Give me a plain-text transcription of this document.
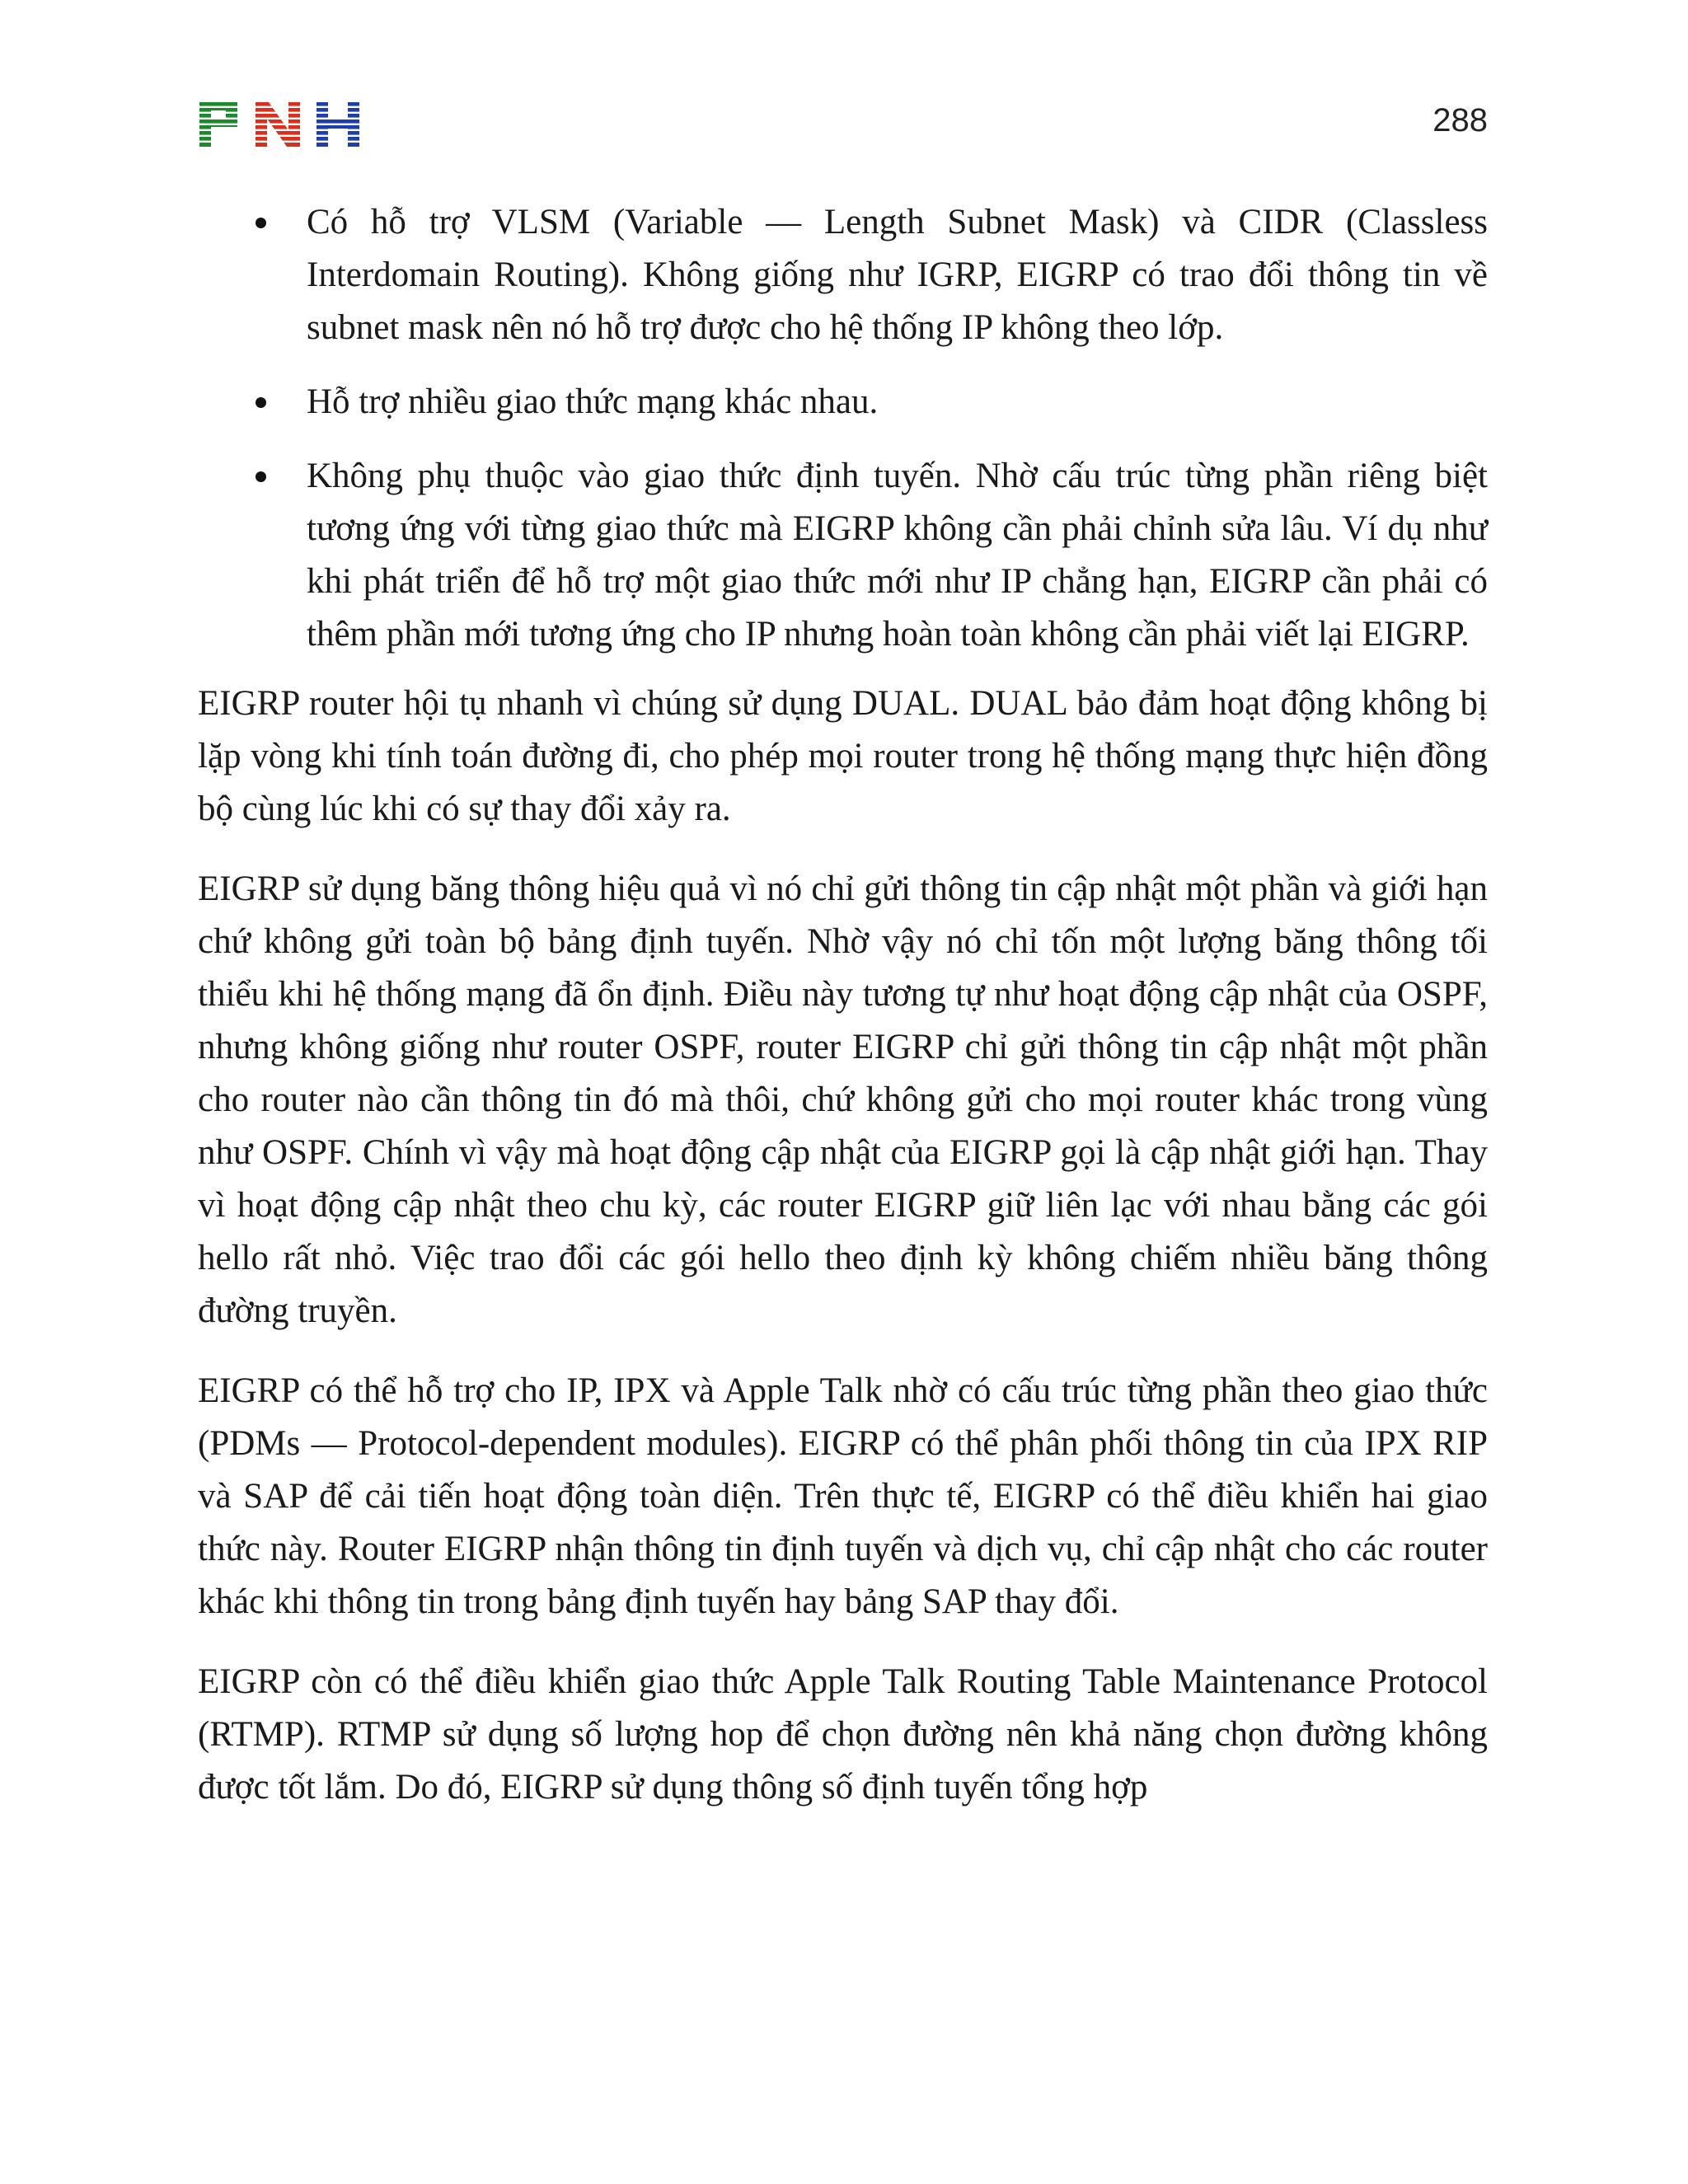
288

Có hỗ trợ VLSM (Variable — Length Subnet Mask) và CIDR (Classless Interdomain Routing). Không giống như IGRP, EIGRP có trao đổi thông tin về subnet mask nên nó hỗ trợ được cho hệ thống IP không theo lớp.

Hỗ trợ nhiều giao thức mạng khác nhau.

Không phụ thuộc vào giao thức định tuyến. Nhờ cấu trúc từng phần riêng biệt tương ứng với từng giao thức mà EIGRP không cần phải chỉnh sửa lâu. Ví dụ như khi phát triển để hỗ trợ một giao thức mới như IP chẳng hạn, EIGRP cần phải có thêm phần mới tương ứng cho IP nhưng hoàn toàn không cần phải viết lại EIGRP.

EIGRP router hội tụ nhanh vì chúng sử dụng DUAL. DUAL bảo đảm hoạt động không bị lặp vòng khi tính toán đường đi, cho phép mọi router trong hệ thống mạng thực hiện đồng bộ cùng lúc khi có sự thay đổi xảy ra.

EIGRP sử dụng băng thông hiệu quả vì nó chỉ gửi thông tin cập nhật một phần và giới hạn chứ không gửi toàn bộ bảng định tuyến. Nhờ vậy nó chỉ tốn một lượng băng thông tối thiểu khi hệ thống mạng đã ổn định. Điều này tương tự như hoạt động cập nhật của OSPF, nhưng không giống như router OSPF, router EIGRP chỉ gửi thông tin cập nhật một phần cho router nào cần thông tin đó mà thôi, chứ không gửi cho mọi router khác trong vùng như OSPF. Chính vì vậy mà hoạt động cập nhật của EIGRP gọi là cập nhật giới hạn. Thay vì hoạt động cập nhật theo chu kỳ, các router EIGRP giữ liên lạc với nhau bằng các gói hello rất nhỏ. Việc trao đổi các gói hello theo định kỳ không chiếm nhiều băng thông đường truyền.

EIGRP có thể hỗ trợ cho IP, IPX và Apple Talk nhờ có cấu trúc từng phần theo giao thức (PDMs — Protocol-dependent modules). EIGRP có thể phân phối thông tin của IPX RIP và SAP để cải tiến hoạt động toàn diện. Trên thực tế, EIGRP có thể điều khiển hai giao thức này. Router EIGRP nhận thông tin định tuyến và dịch vụ, chỉ cập nhật cho các router khác khi thông tin trong bảng định tuyến hay bảng SAP thay đổi.

EIGRP còn có thể điều khiển giao thức Apple Talk Routing Table Maintenance Protocol (RTMP). RTMP sử dụng số lượng hop để chọn đường nên khả năng chọn đường không được tốt lắm. Do đó, EIGRP sử dụng thông số định tuyến tổng hợp
